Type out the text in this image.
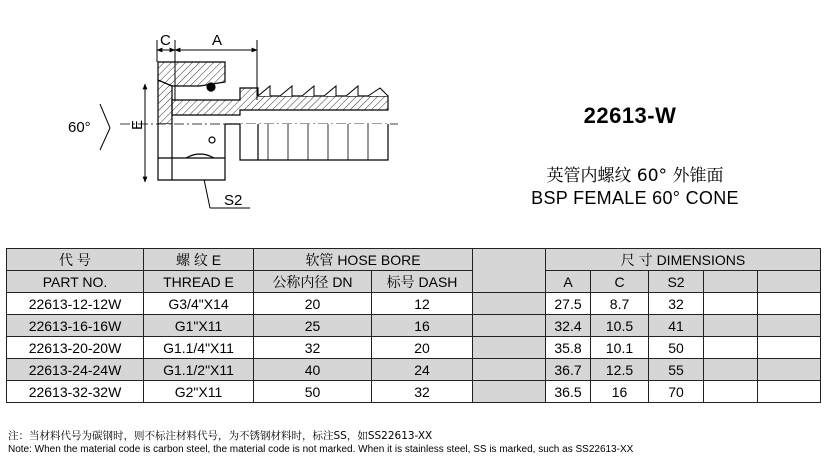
C	A
E
60°
S2
22613-W
英管内螺纹 60° 外锥面
BSP FEMALE 60° CONE
代 号	螺 纹 E	软管 HOSE BORE			尺 寸 DIMENSIONS				
PART NO.	THREAD E	公称内径 DN	标号 DASH		A	C	S2		
22613-12-12W	G3/4"X14	20	12		27.5	8.7	32		
22613-16-16W	G1"X11	25	16		32.4	10.5	41		
22613-20-20W	G1.1/4"X11	32	20		35.8	10.1	50		
22613-24-24W	G1.1/2"X11	40	24		36.7	12.5	55		
22613-32-32W	G2"X11	50	32		36.5	16	70		
注：当材料代号为碳钢时，则不标注材料代号，为不锈钢材料时，标注SS，如SS22613-XX
Note: When the material code is carbon steel, the material code is not marked. When it is stainless steel, SS is marked, such as SS22613-XX
